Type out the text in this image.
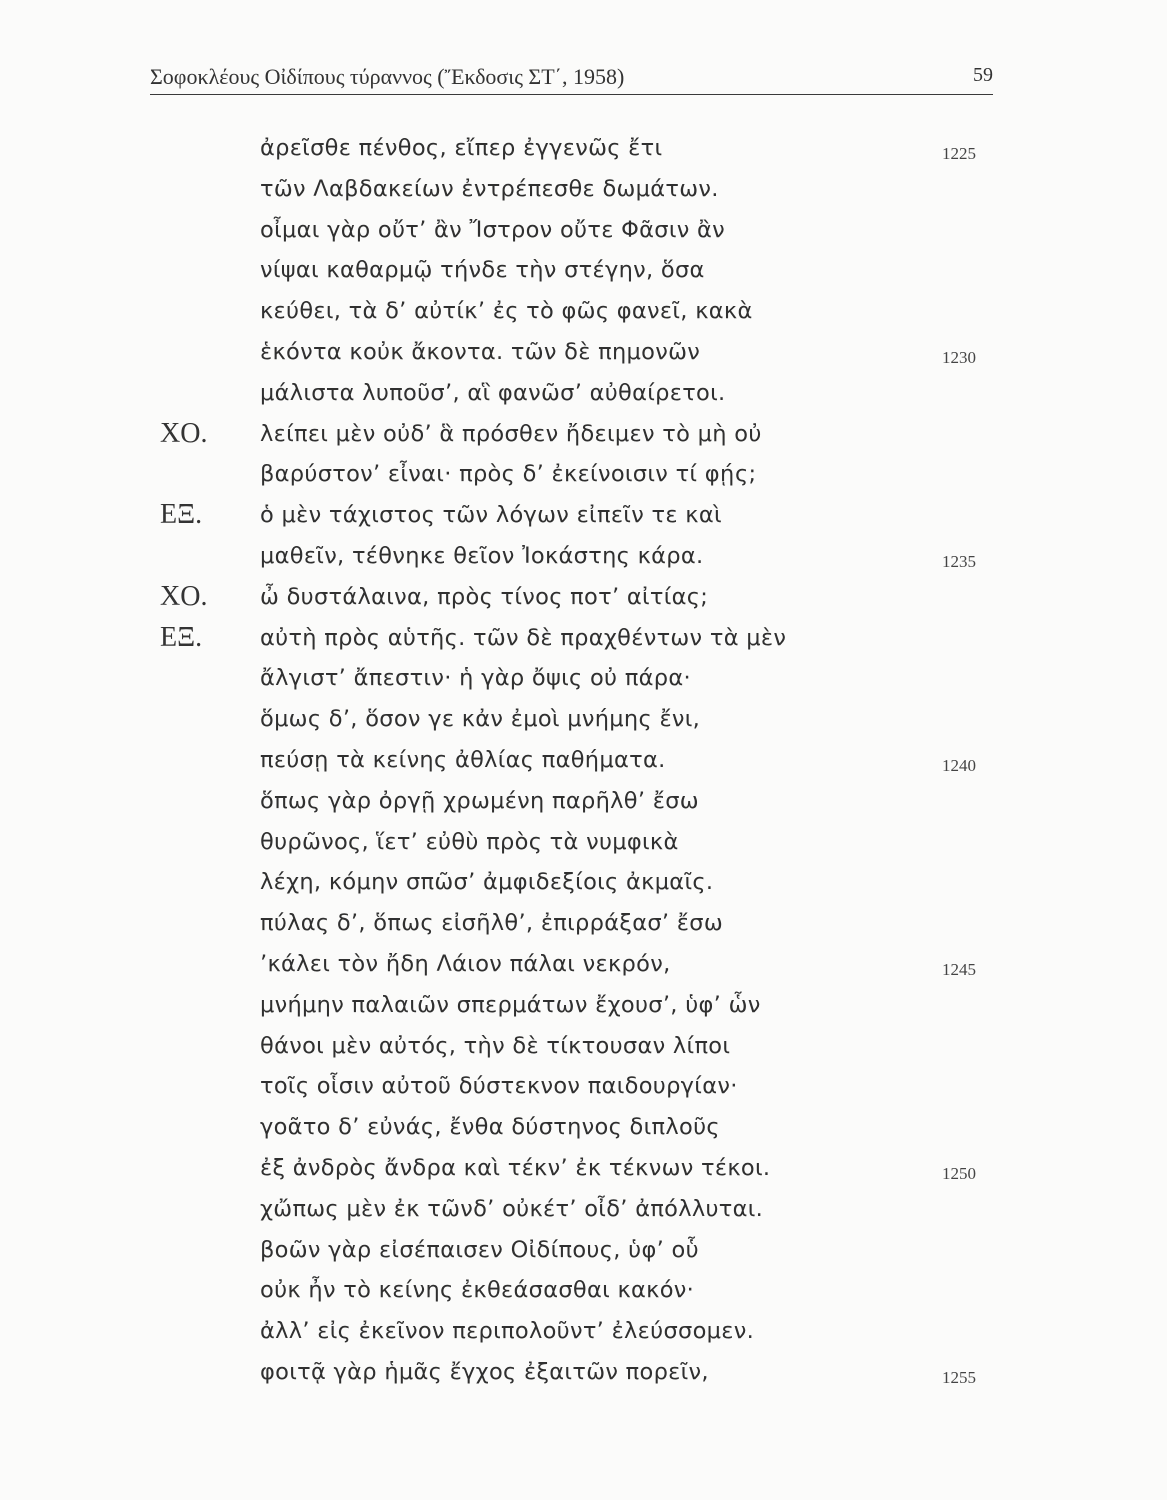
Σοφοκλέους Οἰδίπους τύραννος (Ἔκδοσις ΣΤ΄, 1958)	59
ἀρεῖσθε πένθος, εἴπερ ἐγγενῶς ἔτι	1225
τῶν Λαβδακείων ἐντρέπεσθε δωμάτων.
οἶμαι γὰρ οὔτ’ ἂν Ἴστρον οὔτε Φᾶσιν ἂν
νίψαι καθαρμῷ τήνδε τὴν στέγην, ὅσα
κεύθει, τὰ δ’ αὐτίκ’ ἐς τὸ φῶς φανεῖ, κακὰ
ἑκόντα κοὐκ ἄκοντα. τῶν δὲ πημονῶν	1230
μάλιστα λυποῦσ’, αἳ φανῶσ’ αὐθαίρετοι.
ΧΟ. λείπει μὲν οὐδ’ ἃ πρόσθεν ἤδειμεν τὸ μὴ οὐ
βαρύστον’ εἶναι· πρὸς δ’ ἐκείνοισιν τί φῄς;
ΕΞ.	ὁ μὲν τάχιστος τῶν λόγων εἰπεῖν τε καὶ
μαθεῖν, τέθνηκε θεῖον Ἰοκάστης κάρα.	1235
ΧΟ. ὦ δυστάλαινα, πρὸς τίνος ποτ’ αἰτίας;
ΕΞ.	αὐτὴ πρὸς αὑτῆς. τῶν δὲ πραχθέντων τὰ μὲν
ἄλγιστ’ ἄπεστιν· ἡ γὰρ ὄψις οὐ πάρα·
ὅμως δ’, ὅσον γε κἀν ἐμοὶ μνήμης ἔνι,
πεύσῃ τὰ κείνης ἀθλίας παθήματα.	1240
ὅπως γὰρ ὀργῇ χρωμένη παρῆλθ’ ἔσω
θυρῶνος, ἵετ’ εὐθὺ πρὸς τὰ νυμφικὰ
λέχη, κόμην σπῶσ’ ἀμφιδεξίοις ἀκμαῖς.
πύλας δ’, ὅπως εἰσῆλθ’, ἐπιρράξασ’ ἔσω
’κάλει τὸν ἤδη Λάιον πάλαι νεκρόν,	1245
μνήμην παλαιῶν σπερμάτων ἔχουσ’, ὑφ’ ὧν
θάνοι μὲν αὐτός, τὴν δὲ τίκτουσαν λίποι
τοῖς οἷσιν αὐτοῦ δύστεκνον παιδουργίαν·
γοᾶτο δ’ εὐνάς, ἔνθα δύστηνος διπλοῦς
ἐξ ἀνδρὸς ἄνδρα καὶ τέκν’ ἐκ τέκνων τέκοι.	1250
χὤπως μὲν ἐκ τῶνδ’ οὐκέτ’ οἶδ’ ἀπόλλυται.
βοῶν γὰρ εἰσέπαισεν Οἰδίπους, ὑφ’ οὗ
οὐκ ἦν τὸ κείνης ἐκθεάσασθαι κακόν·
ἀλλ’ εἰς ἐκεῖνον περιπολοῦντ’ ἐλεύσσομεν.
φοιτᾷ γὰρ ἡμᾶς ἔγχος ἐξαιτῶν πορεῖν,	1255
